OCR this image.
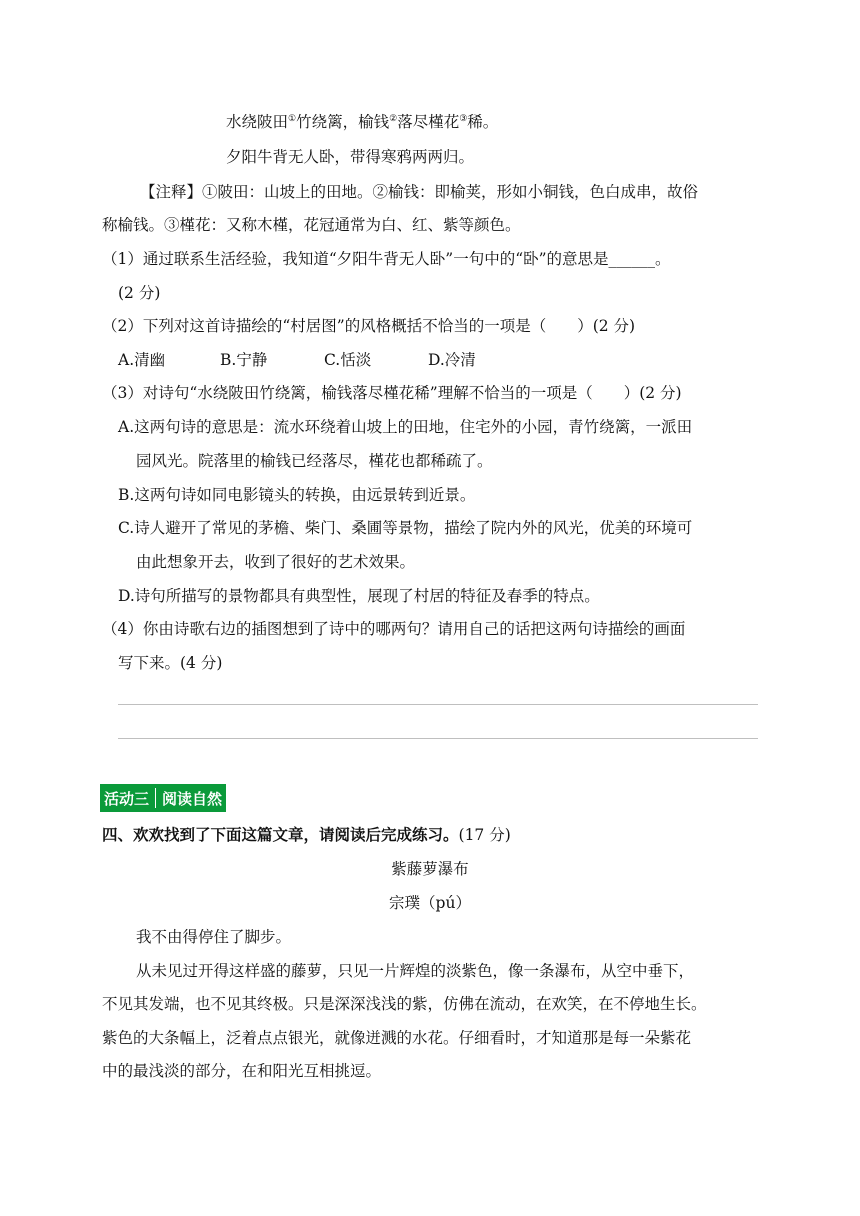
水绕陂田①竹绕篱，榆钱②落尽槿花③稀。
夕阳牛背无人卧，带得寒鸦两两归。
【注释】①陂田：山坡上的田地。②榆钱：即榆荚，形如小铜钱，色白成串，故俗
称榆钱。③槿花：又称木槿，花冠通常为白、红、紫等颜色。
（1）通过联系生活经验，我知道“夕阳牛背无人卧”一句中的“卧”的意思是______。
(2 分)
（2）下列对这首诗描绘的“村居图”的风格概括不恰当的一项是（　　）(2 分)
A.清幽	B.宁静	C.恬淡	D.冷清
（3）对诗句“水绕陂田竹绕篱，榆钱落尽槿花稀”理解不恰当的一项是（　　）(2 分)
A.这两句诗的意思是：流水环绕着山坡上的田地，住宅外的小园，青竹绕篱，一派田
园风光。院落里的榆钱已经落尽，槿花也都稀疏了。
B.这两句诗如同电影镜头的转换，由远景转到近景。
C.诗人避开了常见的茅檐、柴门、桑圃等景物，描绘了院内外的风光，优美的环境可
由此想象开去，收到了很好的艺术效果。
D.诗句所描写的景物都具有典型性，展现了村居的特征及春季的特点。
（4）你由诗歌右边的插图想到了诗中的哪两句？请用自己的话把这两句诗描绘的画面
写下来。(4 分)
活动三 阅读自然
四、欢欢找到了下面这篇文章，请阅读后完成练习。(17 分)
紫藤萝瀑布
宗璞（pú）
我不由得停住了脚步。
从未见过开得这样盛的藤萝，只见一片辉煌的淡紫色，像一条瀑布，从空中垂下，
不见其发端，也不见其终极。只是深深浅浅的紫，仿佛在流动，在欢笑，在不停地生长。
紫色的大条幅上，泛着点点银光，就像迸溅的水花。仔细看时，才知道那是每一朵紫花
中的最浅淡的部分，在和阳光互相挑逗。
